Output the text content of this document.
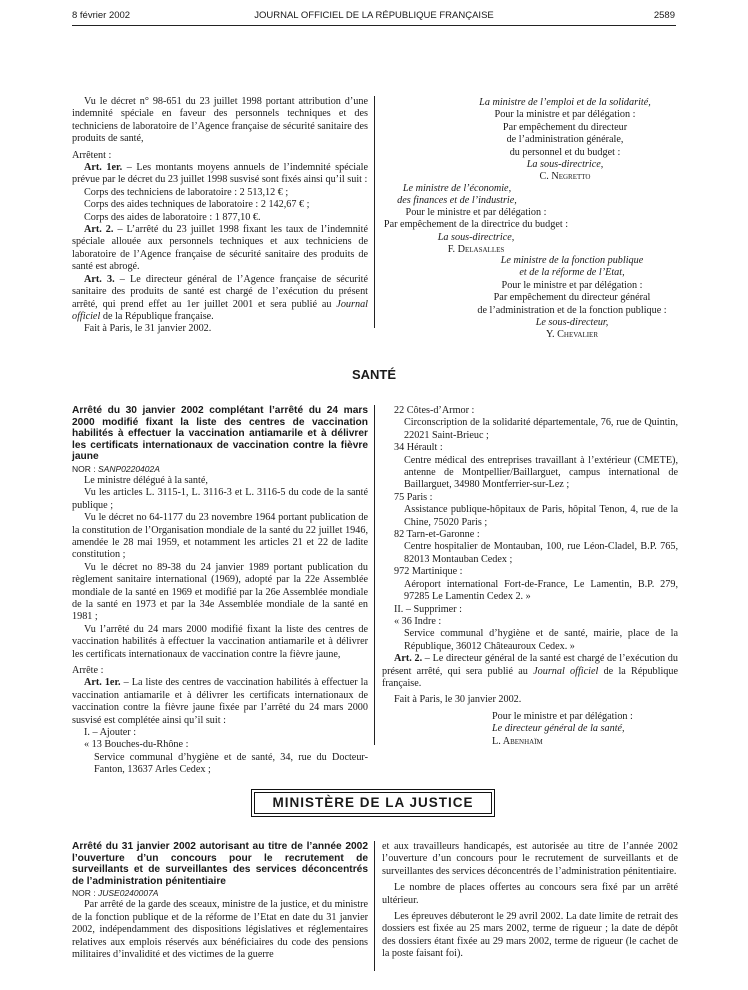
8 février 2002	JOURNAL OFFICIEL DE LA RÉPUBLIQUE FRANÇAISE	2589

Vu le décret n° 98-651 du 23 juillet 1998 portant attribution d’une indemnité spéciale en faveur des personnels techniques et des techniciens de laboratoire de l’Agence française de sécurité sanitaire des produits de santé,

Arrêtent :

Art. 1er. – Les montants moyens annuels de l’indemnité spéciale prévue par le décret du 23 juillet 1998 susvisé sont fixés ainsi qu’il suit :

Corps des techniciens de laboratoire : 2 513,12 € ;

Corps des aides techniques de laboratoire : 2 142,67 € ;

Corps des aides de laboratoire : 1 877,10 €.

Art. 2. – L’arrêté du 23 juillet 1998 fixant les taux de l’indemnité spéciale allouée aux personnels techniques et aux techniciens de laboratoire de l’Agence française de sécurité sanitaire des produits de santé est abrogé.

Art. 3. – Le directeur général de l’Agence française de sécurité sanitaire des produits de santé est chargé de l’exécution du présent arrêté, qui prend effet au 1er juillet 2001 et sera publié au Journal officiel de la République française.

Fait à Paris, le 31 janvier 2002.

La ministre de l’emploi et de la solidarité,

Pour la ministre et par délégation :

Par empêchement du directeur

de l’administration générale,

du personnel et du budget :

La sous-directrice,

C. Negretto

Le ministre de l’économie,

des finances et de l’industrie,

Pour le ministre et par délégation :

Par empêchement de la directrice du budget :

La sous-directrice,

F. Delasalles

Le ministre de la fonction publique

et de la réforme de l’Etat,

Pour le ministre et par délégation :

Par empêchement du directeur général

de l’administration et de la fonction publique :

Le sous-directeur,

Y. Chevalier

SANTÉ

Arrêté du 30 janvier 2002 complétant l’arrêté du 24 mars 2000 modifié fixant la liste des centres de vaccination habilités à effectuer la vaccination antiamarile et à délivrer les certificats internationaux de vaccination contre la fièvre jaune

NOR : SANP0220402A

Le ministre délégué à la santé,

Vu les articles L. 3115-1, L. 3116-3 et L. 3116-5 du code de la santé publique ;

Vu le décret no 64-1177 du 23 novembre 1964 portant publication de la constitution de l’Organisation mondiale de la santé du 22 juillet 1946, amendée le 28 mai 1959, et notamment les articles 21 et 22 de ladite constitution ;

Vu le décret no 89-38 du 24 janvier 1989 portant publication du règlement sanitaire international (1969), adopté par la 22e Assemblée mondiale de la santé en 1969 et modifié par la 26e Assemblée mondiale de la santé en 1973 et par la 34e Assemblée mondiale de la santé en 1981 ;

Vu l’arrêté du 24 mars 2000 modifié fixant la liste des centres de vaccination habilités à effectuer la vaccination antiamarile et à délivrer les certificats internationaux de vaccination contre la fièvre jaune,

Arrête :

Art. 1er. – La liste des centres de vaccination habilités à effectuer la vaccination antiamarile et à délivrer les certificats internationaux de vaccination contre la fièvre jaune fixée par l’arrêté du 24 mars 2000 susvisé est complétée ainsi qu’il suit :

I. – Ajouter :

« 13 Bouches-du-Rhône :

Service communal d’hygiène et de santé, 34, rue du Docteur-Fanton, 13637 Arles Cedex ;

22 Côtes-d’Armor :

Circonscription de la solidarité départementale, 76, rue de Quintin, 22021 Saint-Brieuc ;

34 Hérault :

Centre médical des entreprises travaillant à l’extérieur (CMETE), antenne de Montpellier/Baillarguet, campus international de Baillarguet, 34980 Montferrier-sur-Lez ;

75 Paris :

Assistance publique-hôpitaux de Paris, hôpital Tenon, 4, rue de la Chine, 75020 Paris ;

82 Tarn-et-Garonne :

Centre hospitalier de Montauban, 100, rue Léon-Cladel, B.P. 765, 82013 Montauban Cedex ;

972 Martinique :

Aéroport international Fort-de-France, Le Lamentin, B.P. 279, 97285 Le Lamentin Cedex 2. »

II. – Supprimer :

« 36 Indre :

Service communal d’hygiène et de santé, mairie, place de la République, 36012 Châteauroux Cedex. »

Art. 2. – Le directeur général de la santé est chargé de l’exécution du présent arrêté, qui sera publié au Journal officiel de la République française.

Fait à Paris, le 30 janvier 2002.

Pour le ministre et par délégation :

Le directeur général de la santé,

L. Abenhaïm

MINISTÈRE DE LA JUSTICE

Arrêté du 31 janvier 2002 autorisant au titre de l’année 2002 l’ouverture d’un concours pour le recrutement de surveillants et de surveillantes des services déconcentrés de l’administration pénitentiaire

NOR : JUSE0240007A

Par arrêté de la garde des sceaux, ministre de la justice, et du ministre de la fonction publique et de la réforme de l’Etat en date du 31 janvier 2002, indépendamment des dispositions législatives et réglementaires relatives aux emplois réservés aux bénéficiaires du code des pensions militaires d’invalidité et des victimes de la guerre

et aux travailleurs handicapés, est autorisée au titre de l’année 2002 l’ouverture d’un concours pour le recrutement de surveillants et de surveillantes des services déconcentrés de l’administration pénitentiaire.

Le nombre de places offertes au concours sera fixé par un arrêté ultérieur.

Les épreuves débuteront le 29 avril 2002. La date limite de retrait des dossiers est fixée au 25 mars 2002, terme de rigueur ; la date de dépôt des dossiers étant fixée au 29 mars 2002, terme de rigueur (le cachet de la poste faisant foi).
